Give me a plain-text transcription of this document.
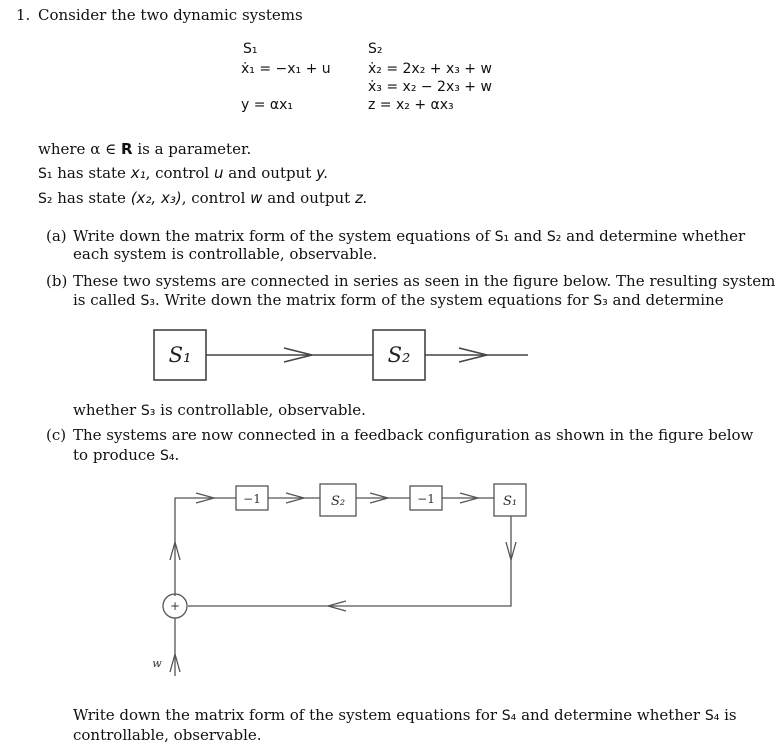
1. Consider the two dynamic systems
S₁
ẋ₁ = −x₁ + u
y = αx₁
S₂
ẋ₂ = 2x₂ + x₃ + w
ẋ₃ = x₂ − 2x₃ + w
z = x₂ + αx₃
where α ∈ R is a parameter.
S₁ has state x₁, control u and output y.
S₂ has state (x₂, x₃), control w and output z.
(a) Write down the matrix form of the system equations of S₁ and S₂ and determine whether
each system is controllable, observable.
(b) These two systems are connected in series as seen in the figure below. The resulting system
is called S₃. Write down the matrix form of the system equations for S₃ and determine
S₁	S₂
−1	S₂	−1	S₁
+
w
whether S₃ is controllable, observable.
(c) The systems are now connected in a feedback configuration as shown in the figure below
to produce S₄.
Write down the matrix form of the system equations for S₄ and determine whether S₄ is
controllable, observable.
